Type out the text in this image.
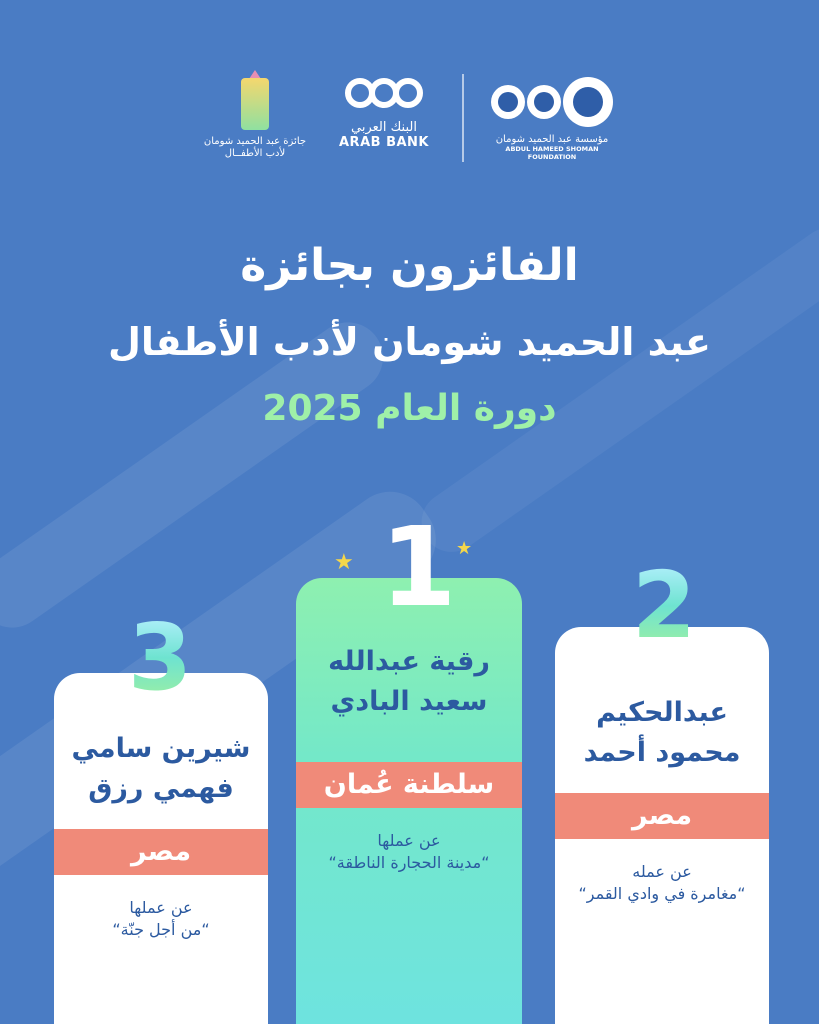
جائزة عبد الحميد شومان
لأدب الأطفــال
البنك العربي
ARAB BANK	مؤسسة عبد الحميد شومان
ABDUL HAMEED SHOMAN FOUNDATION
الفائزون بجائزة
عبد الحميد شومان لأدب الأطفال
دورة العام 2025
★
★
رقية عبدالله
سعيد البادي
سلطنة عُمان
عن عملها
“مدينة الحجارة الناطقة“
عبدالحكيم
محمود أحمد
مصر
عن عمله
“مغامرة في وادي القمر“
شيرين سامي
فهمي رزق
مصر
عن عملها
“من أجل جنّة“
1 2
3
